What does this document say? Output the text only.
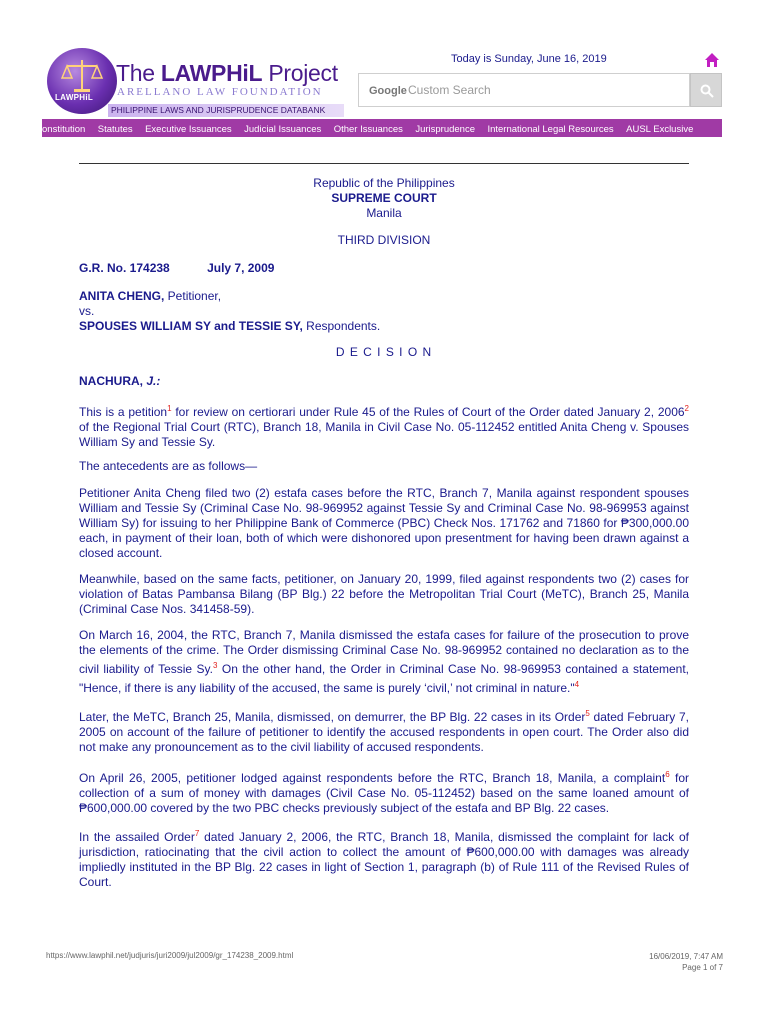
LAWPHiL
The LAWPHiL Project
ARELLANO LAW FOUNDATION
PHILIPPINE LAWS AND JURISPRUDENCE DATABANK
Today is Sunday, June 16, 2019
Google
Custom Search
onstitution Statutes Executive Issuances Judicial Issuances Other Issuances Jurisprudence International Legal Resources AUSL Exclusive
Republic of the Philippines
SUPREME COURT
Manila
THIRD DIVISION
G.R. No. 174238	July 7, 2009
ANITA CHENG, Petitioner,
vs.
SPOUSES WILLIAM SY and TESSIE SY, Respondents.
D E C I S I O N
NACHURA, J.:
This is a petition$^1$ for review on certiorari under Rule 45 of the Rules of Court of the Order dated January 2, 2006$^2$ of the Regional Trial Court (RTC), Branch 18, Manila in Civil Case No. 05-112452 entitled Anita Cheng v. Spouses William Sy and Tessie Sy.
The antecedents are as follows—
Petitioner Anita Cheng filed two (2) estafa cases before the RTC, Branch 7, Manila against respondent spouses William and Tessie Sy (Criminal Case No. 98-969952 against Tessie Sy and Criminal Case No. 98-969953 against William Sy) for issuing to her Philippine Bank of Commerce (PBC) Check Nos. 171762 and 71860 for ₱300,000.00 each, in payment of their loan, both of which were dishonored upon presentment for having been drawn against a closed account.
Meanwhile, based on the same facts, petitioner, on January 20, 1999, filed against respondents two (2) cases for violation of Batas Pambansa Bilang (BP Blg.) 22 before the Metropolitan Trial Court (MeTC), Branch 25, Manila (Criminal Case Nos. 341458-59).
On March 16, 2004, the RTC, Branch 7, Manila dismissed the estafa cases for failure of the prosecution to prove the elements of the crime. The Order dismissing Criminal Case No. 98-969952 contained no declaration as to the civil liability of Tessie Sy.$^3$ On the other hand, the Order in Criminal Case No. 98-969953 contained a statement, "Hence, if there is any liability of the accused, the same is purely ‘civil,’ not criminal in nature."$^4$
Later, the MeTC, Branch 25, Manila, dismissed, on demurrer, the BP Blg. 22 cases in its Order$^5$ dated February 7, 2005 on account of the failure of petitioner to identify the accused respondents in open court. The Order also did not make any pronouncement as to the civil liability of accused respondents.
On April 26, 2005, petitioner lodged against respondents before the RTC, Branch 18, Manila, a complaint$^6$ for collection of a sum of money with damages (Civil Case No. 05-112452) based on the same loaned amount of ₱600,000.00 covered by the two PBC checks previously subject of the estafa and BP Blg. 22 cases.
In the assailed Order$^7$ dated January 2, 2006, the RTC, Branch 18, Manila, dismissed the complaint for lack of jurisdiction, ratiocinating that the civil action to collect the amount of ₱600,000.00 with damages was already impliedly instituted in the BP Blg. 22 cases in light of Section 1, paragraph (b) of Rule 111 of the Revised Rules of Court.
https://www.lawphil.net/judjuris/juri2009/jul2009/gr_174238_2009.html	16/06/2019, 7:47 AM
Page 1 of 7
